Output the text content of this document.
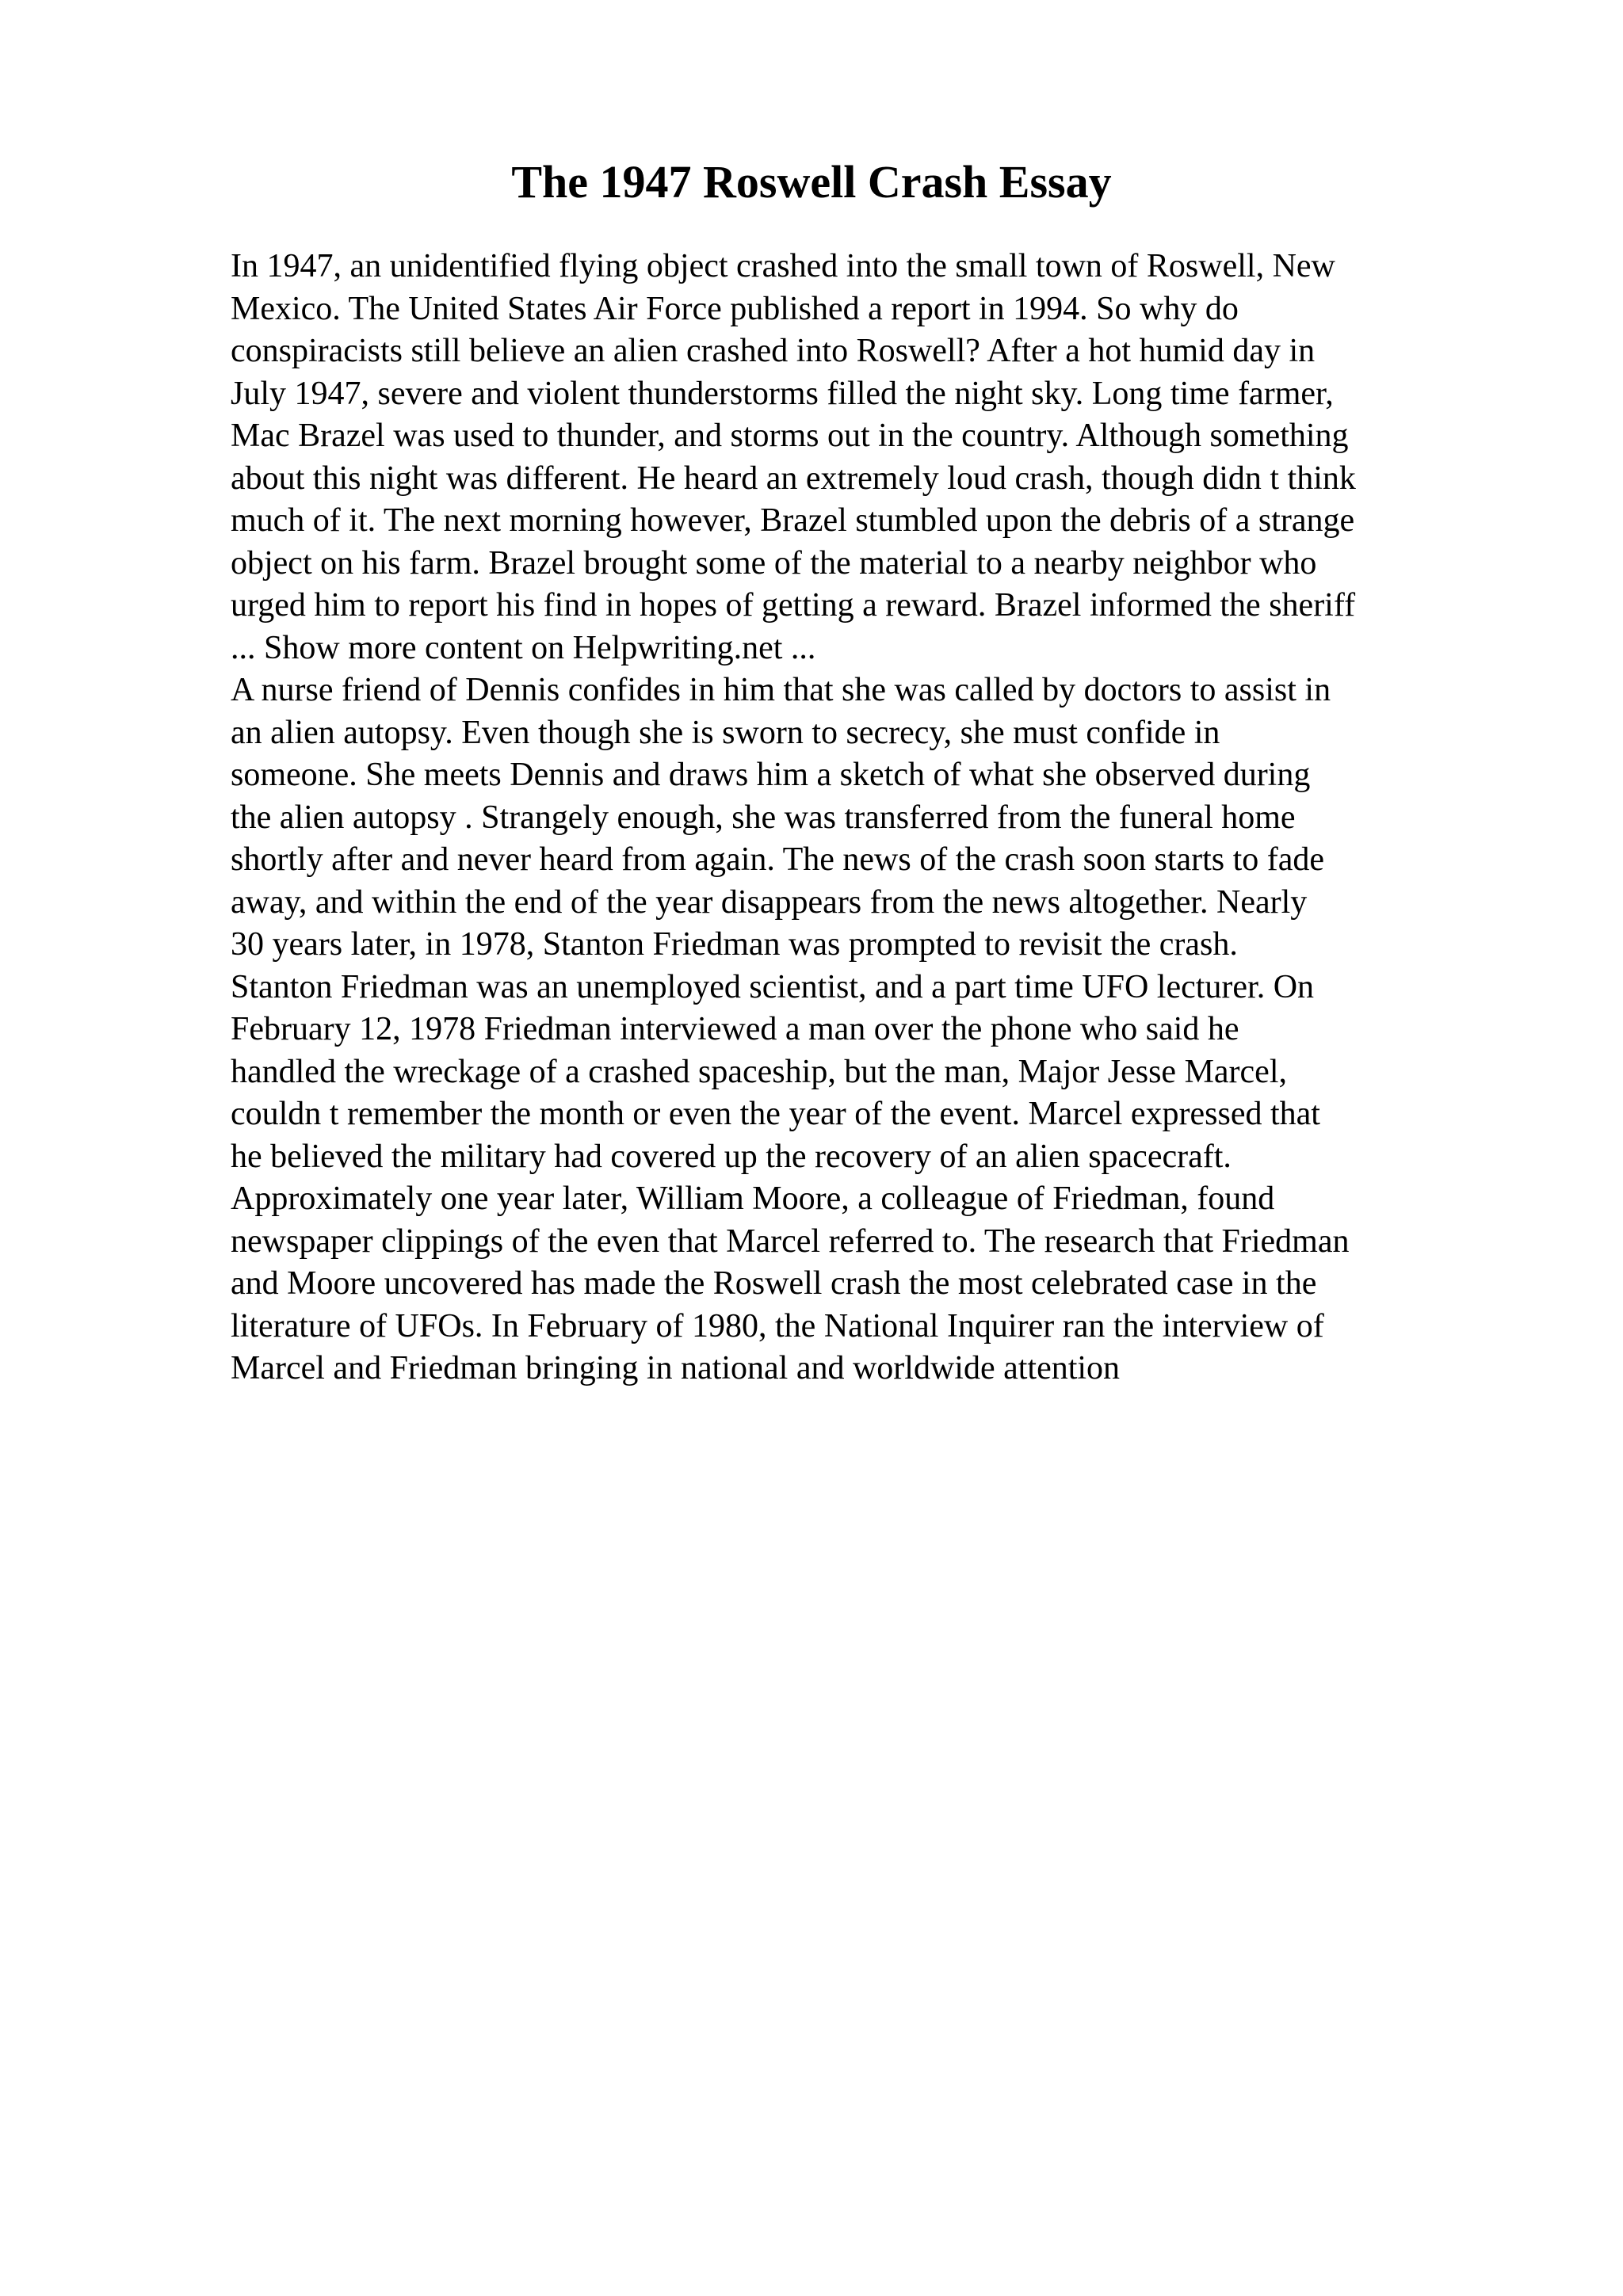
The 1947 Roswell Crash Essay
In 1947, an unidentified flying object crashed into the small town of Roswell, New
Mexico. The United States Air Force published a report in 1994. So why do
conspiracists still believe an alien crashed into Roswell? After a hot humid day in
July 1947, severe and violent thunderstorms filled the night sky. Long time farmer,
Mac Brazel was used to thunder, and storms out in the country. Although something
about this night was different. He heard an extremely loud crash, though didn t think
much of it. The next morning however, Brazel stumbled upon the debris of a strange
object on his farm. Brazel brought some of the material to a nearby neighbor who
urged him to report his find in hopes of getting a reward. Brazel informed the sheriff
... Show more content on Helpwriting.net ...
A nurse friend of Dennis confides in him that she was called by doctors to assist in
an alien autopsy. Even though she is sworn to secrecy, she must confide in
someone. She meets Dennis and draws him a sketch of what she observed during
the alien autopsy . Strangely enough, she was transferred from the funeral home
shortly after and never heard from again. The news of the crash soon starts to fade
away, and within the end of the year disappears from the news altogether. Nearly
30 years later, in 1978, Stanton Friedman was prompted to revisit the crash.
Stanton Friedman was an unemployed scientist, and a part time UFO lecturer. On
February 12, 1978 Friedman interviewed a man over the phone who said he
handled the wreckage of a crashed spaceship, but the man, Major Jesse Marcel,
couldn t remember the month or even the year of the event. Marcel expressed that
he believed the military had covered up the recovery of an alien spacecraft.
Approximately one year later, William Moore, a colleague of Friedman, found
newspaper clippings of the even that Marcel referred to. The research that Friedman
and Moore uncovered has made the Roswell crash the most celebrated case in the
literature of UFOs. In February of 1980, the National Inquirer ran the interview of
Marcel and Friedman bringing in national and worldwide attention
